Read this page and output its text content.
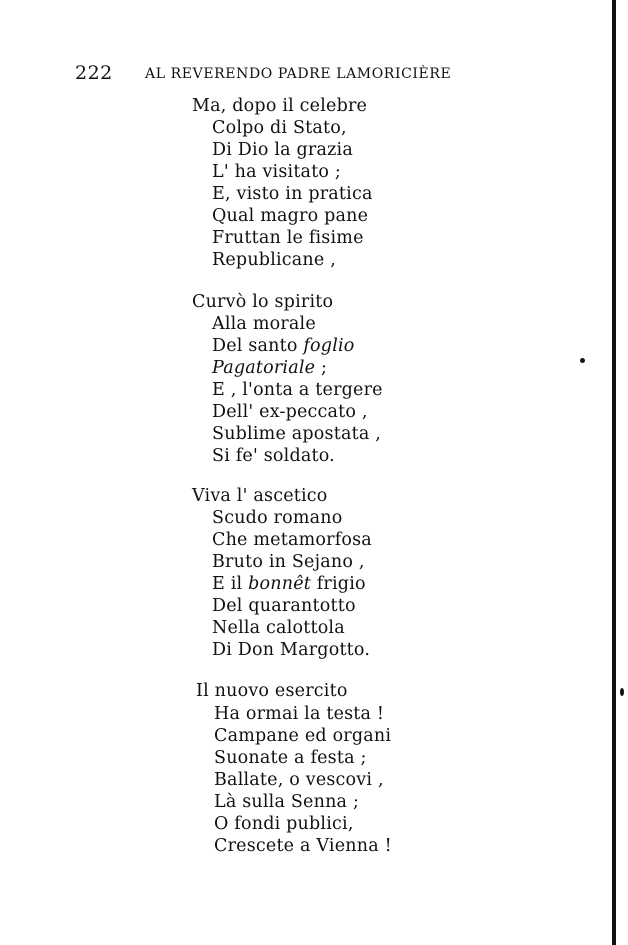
222 AL REVERENDO PADRE LAMORICIÈRE
Ma, dopo il celebre
Colpo di Stato,
Di Dio la grazia
L' ha visitato ;
E, visto in pratica
Qual magro pane
Fruttan le fisime
Republicane ,
Curvò lo spirito
Alla morale
Del santo foglio
Pagatoriale ;
E , l'onta a tergere
Dell' ex-peccato ,
Sublime apostata ,
Si fe' soldato.
Viva l' ascetico
Scudo romano
Che metamorfosa
Bruto in Sejano ,
E il bonnêt frigio
Del quarantotto
Nella calottola
Di Don Margotto.
Il nuovo esercito
Ha ormai la testa !
Campane ed organi
Suonate a festa ;
Ballate, o vescovi ,
Là sulla Senna ;
O fondi publici,
Crescete a Vienna !
